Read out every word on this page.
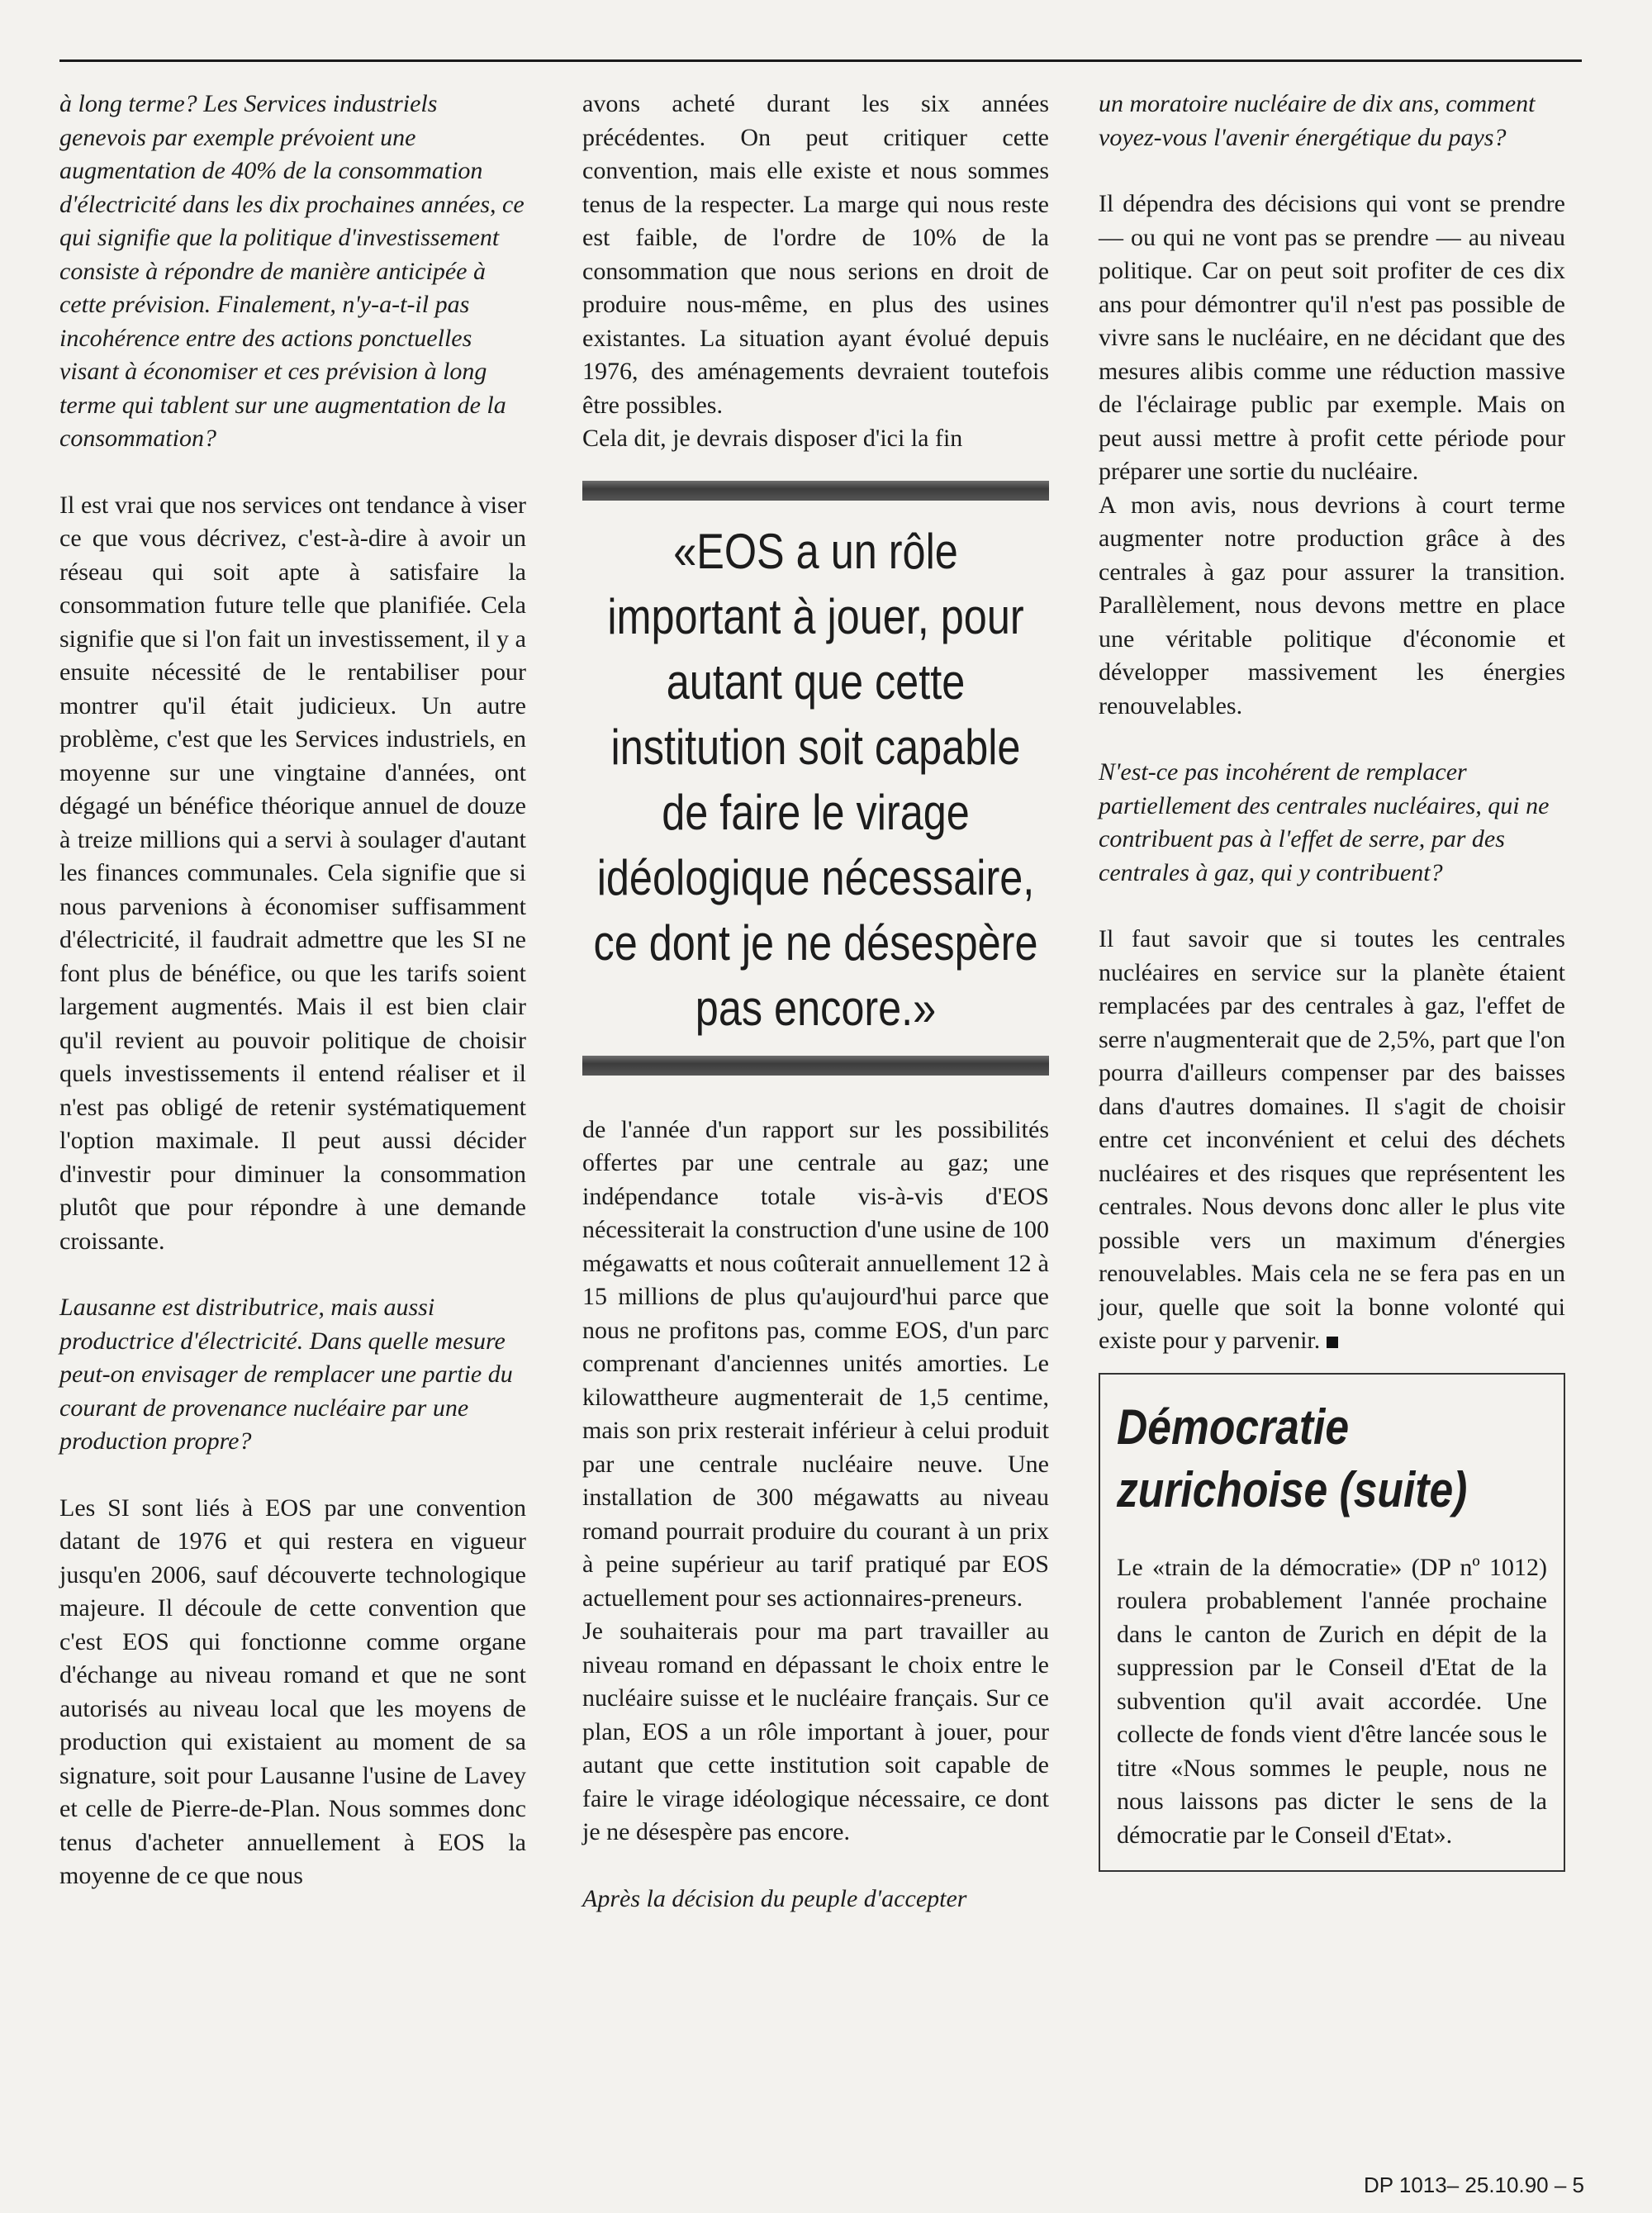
à long terme? Les Services industriels genevois par exemple prévoient une augmentation de 40% de la consommation d'électricité dans les dix prochaines années, ce qui signifie que la politique d'investissement consiste à répondre de manière anticipée à cette prévision. Finalement, n'y-a-t-il pas incohérence entre des actions ponctuelles visant à économiser et ces prévision à long terme qui tablent sur une augmentation de la consommation?

Il est vrai que nos services ont tendance à viser ce que vous décrivez, c'est-à-dire à avoir un réseau qui soit apte à satisfaire la consommation future telle que planifiée. Cela signifie que si l'on fait un investissement, il y a ensuite nécessité de le rentabiliser pour montrer qu'il était judicieux. Un autre problème, c'est que les Services industriels, en moyenne sur une vingtaine d'années, ont dégagé un bénéfice théorique annuel de douze à treize millions qui a servi à soulager d'autant les finances communales. Cela signifie que si nous parvenions à économiser suffisamment d'électricité, il faudrait admettre que les SI ne font plus de bénéfice, ou que les tarifs soient largement augmentés. Mais il est bien clair qu'il revient au pouvoir politique de choisir quels investissements il entend réaliser et il n'est pas obligé de retenir systématiquement l'option maximale. Il peut aussi décider d'investir pour diminuer la consommation plutôt que pour répondre à une demande croissante.

Lausanne est distributrice, mais aussi productrice d'électricité. Dans quelle mesure peut-on envisager de remplacer une partie du courant de provenance nucléaire par une production propre?

Les SI sont liés à EOS par une convention datant de 1976 et qui restera en vigueur jusqu'en 2006, sauf découverte technologique majeure. Il découle de cette convention que c'est EOS qui fonctionne comme organe d'échange au niveau romand et que ne sont autorisés au niveau local que les moyens de production qui existaient au moment de sa signature, soit pour Lausanne l'usine de Lavey et celle de Pierre-de-Plan. Nous sommes donc tenus d'acheter annuellement à EOS la moyenne de ce que nous

avons acheté durant les six années précédentes. On peut critiquer cette convention, mais elle existe et nous sommes tenus de la respecter. La marge qui nous reste est faible, de l'ordre de 10% de la consommation que nous serions en droit de produire nous-même, en plus des usines existantes. La situation ayant évolué depuis 1976, des aménagements devraient toutefois être possibles.

Cela dit, je devrais disposer d'ici la fin

«EOS a un rôle important à jouer, pour autant que cette institution soit capable de faire le virage idéologique nécessaire, ce dont je ne désespère pas encore.»

de l'année d'un rapport sur les possibilités offertes par une centrale au gaz; une indépendance totale vis-à-vis d'EOS nécessiterait la construction d'une usine de 100 mégawatts et nous coûterait annuellement 12 à 15 millions de plus qu'aujourd'hui parce que nous ne profitons pas, comme EOS, d'un parc comprenant d'anciennes unités amorties. Le kilowattheure augmenterait de 1,5 centime, mais son prix resterait inférieur à celui produit par une centrale nucléaire neuve. Une installation de 300 mégawatts au niveau romand pourrait produire du courant à un prix à peine supérieur au tarif pratiqué par EOS actuellement pour ses actionnaires-preneurs.

Je souhaiterais pour ma part travailler au niveau romand en dépassant le choix entre le nucléaire suisse et le nucléaire français. Sur ce plan, EOS a un rôle important à jouer, pour autant que cette institution soit capable de faire le virage idéologique nécessaire, ce dont je ne désespère pas encore.

Après la décision du peuple d'accepter

un moratoire nucléaire de dix ans, comment voyez-vous l'avenir énergétique du pays?

Il dépendra des décisions qui vont se prendre — ou qui ne vont pas se prendre — au niveau politique. Car on peut soit profiter de ces dix ans pour démontrer qu'il n'est pas possible de vivre sans le nucléaire, en ne décidant que des mesures alibis comme une réduction massive de l'éclairage public par exemple. Mais on peut aussi mettre à profit cette période pour préparer une sortie du nucléaire.

A mon avis, nous devrions à court terme augmenter notre production grâce à des centrales à gaz pour assurer la transition. Parallèlement, nous devons mettre en place une véritable politique d'économie et développer massivement les énergies renouvelables.

N'est-ce pas incohérent de remplacer partiellement des centrales nucléaires, qui ne contribuent pas à l'effet de serre, par des centrales à gaz, qui y contribuent?

Il faut savoir que si toutes les centrales nucléaires en service sur la planète étaient remplacées par des centrales à gaz, l'effet de serre n'augmenterait que de 2,5%, part que l'on pourra d'ailleurs compenser par des baisses dans d'autres domaines. Il s'agit de choisir entre cet inconvénient et celui des déchets nucléaires et des risques que représentent les centrales. Nous devons donc aller le plus vite possible vers un maximum d'énergies renouvelables. Mais cela ne se fera pas en un jour, quelle que soit la bonne volonté qui existe pour y parvenir.

Démocratie zurichoise (suite)

Le «train de la démocratie» (DP nº 1012) roulera probablement l'année prochaine dans le canton de Zurich en dépit de la suppression par le Conseil d'Etat de la subvention qu'il avait accordée. Une collecte de fonds vient d'être lancée sous le titre «Nous sommes le peuple, nous ne nous laissons pas dicter le sens de la démocratie par le Conseil d'Etat».

DP 1013– 25.10.90 – 5
